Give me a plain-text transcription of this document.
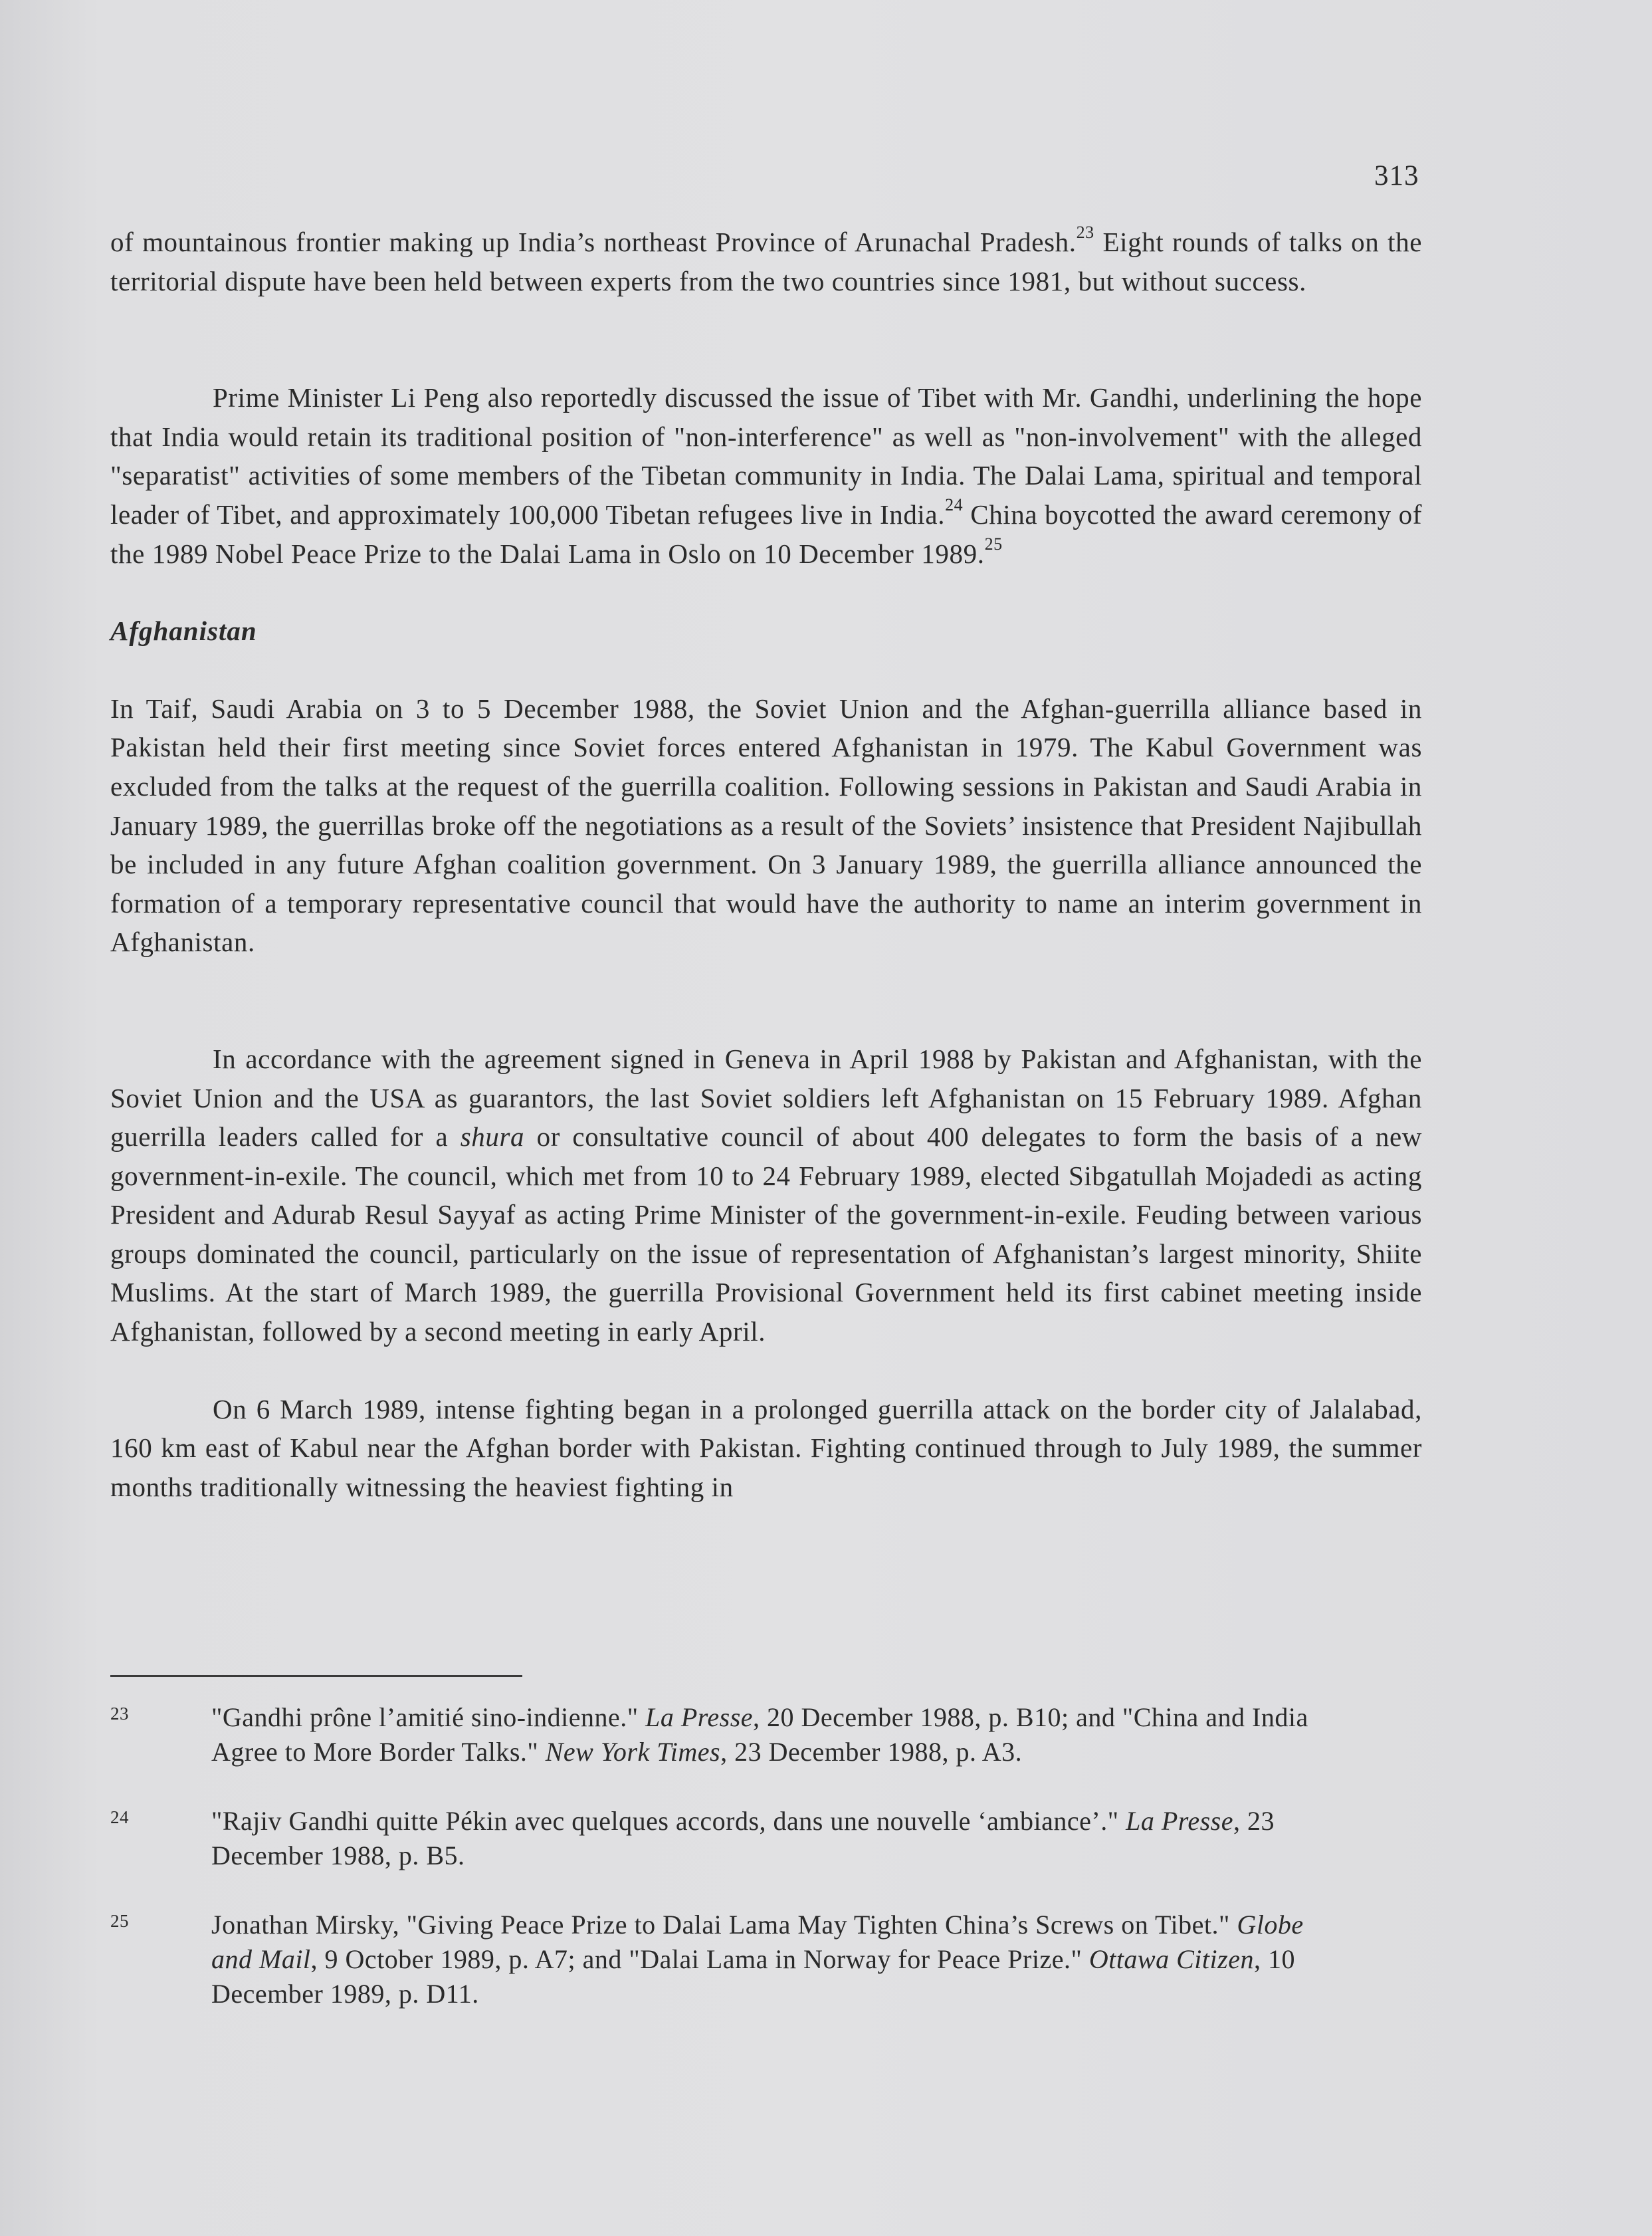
313

of mountainous frontier making up India’s northeast Province of Arunachal Pradesh.$^{23}$ Eight rounds of talks on the territorial dispute have been held between experts from the two countries since 1981, but without success.

Prime Minister Li Peng also reportedly discussed the issue of Tibet with Mr. Gandhi, underlining the hope that India would retain its traditional position of "non-interference" as well as "non-involvement" with the alleged "separatist" activities of some members of the Tibetan community in India. The Dalai Lama, spiritual and temporal leader of Tibet, and approximately 100,000 Tibetan refugees live in India.$^{24}$ China boycotted the award ceremony of the 1989 Nobel Peace Prize to the Dalai Lama in Oslo on 10 December 1989.25

Afghanistan

In Taif, Saudi Arabia on 3 to 5 December 1988, the Soviet Union and the Afghan-guerrilla alliance based in Pakistan held their first meeting since Soviet forces entered Afghanistan in 1979. The Kabul Government was excluded from the talks at the request of the guerrilla coalition. Following sessions in Pakistan and Saudi Arabia in January 1989, the guerrillas broke off the negotiations as a result of the Soviets’ insistence that President Najibullah be included in any future Afghan coalition government. On 3 January 1989, the guerrilla alliance announced the formation of a temporary representative council that would have the authority to name an interim government in Afghanistan.

In accordance with the agreement signed in Geneva in April 1988 by Pakistan and Afghanistan, with the Soviet Union and the USA as guarantors, the last Soviet soldiers left Afghanistan on 15 February 1989. Afghan guerrilla leaders called for a shura or consultative council of about 400 delegates to form the basis of a new government-in-exile. The council, which met from 10 to 24 February 1989, elected Sibgatullah Mojadedi as acting President and Adurab Resul Sayyaf as acting Prime Minister of the government-in-exile. Feuding between various groups dominated the council, particularly on the issue of representation of Afghanistan’s largest minority, Shiite Muslims. At the start of March 1989, the guerrilla Provisional Government held its first cabinet meeting inside Afghanistan, followed by a second meeting in early April.

On 6 March 1989, intense fighting began in a prolonged guerrilla attack on the border city of Jalalabad, 160 km east of Kabul near the Afghan border with Pakistan. Fighting continued through to July 1989, the summer months traditionally witnessing the heaviest fighting in

23	"Gandhi prône l’amitié sino-indienne." La Presse, 20 December 1988, p. B10; and "China and India Agree to More Border Talks." New York Times, 23 December 1988, p. A3.
24	"Rajiv Gandhi quitte Pékin avec quelques accords, dans une nouvelle ‘ambiance’." La Presse, 23 December 1988, p. B5.
25	Jonathan Mirsky, "Giving Peace Prize to Dalai Lama May Tighten China’s Screws on Tibet." Globe and Mail, 9 October 1989, p. A7; and "Dalai Lama in Norway for Peace Prize." Ottawa Citizen, 10 December 1989, p. D11.
